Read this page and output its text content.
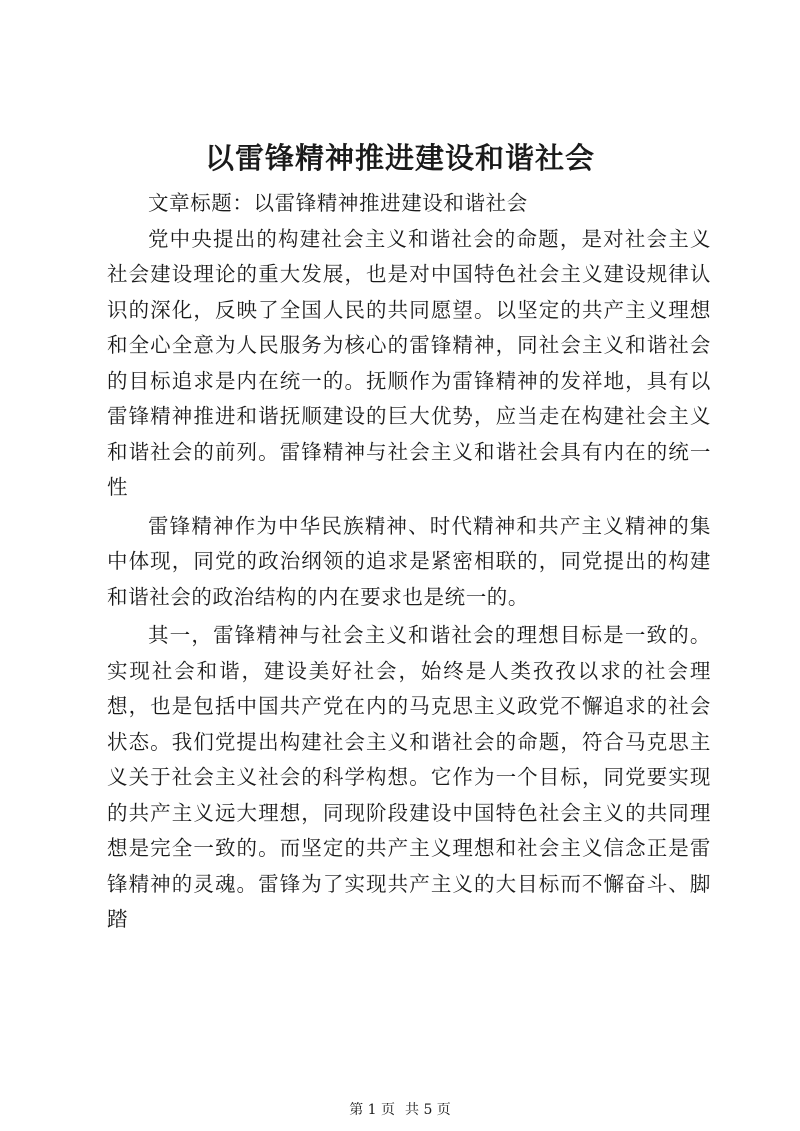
以雷锋精神推进建设和谐社会

文章标题：以雷锋精神推进建设和谐社会

党中央提出的构建社会主义和谐社会的命题，是对社会主义社会建设理论的重大发展，也是对中国特色社会主义建设规律认识的深化，反映了全国人民的共同愿望。以坚定的共产主义理想和全心全意为人民服务为核心的雷锋精神，同社会主义和谐社会的目标追求是内在统一的。抚顺作为雷锋精神的发祥地，具有以雷锋精神推进和谐抚顺建设的巨大优势，应当走在构建社会主义和谐社会的前列。雷锋精神与社会主义和谐社会具有内在的统一性

雷锋精神作为中华民族精神、时代精神和共产主义精神的集中体现，同党的政治纲领的追求是紧密相联的，同党提出的构建和谐社会的政治结构的内在要求也是统一的。

其一，雷锋精神与社会主义和谐社会的理想目标是一致的。实现社会和谐，建设美好社会，始终是人类孜孜以求的社会理想，也是包括中国共产党在内的马克思主义政党不懈追求的社会状态。我们党提出构建社会主义和谐社会的命题，符合马克思主义关于社会主义社会的科学构想。它作为一个目标，同党要实现的共产主义远大理想，同现阶段建设中国特色社会主义的共同理想是完全一致的。而坚定的共产主义理想和社会主义信念正是雷锋精神的灵魂。雷锋为了实现共产主义的大目标而不懈奋斗、脚踏

第 1 页 共 5 页
